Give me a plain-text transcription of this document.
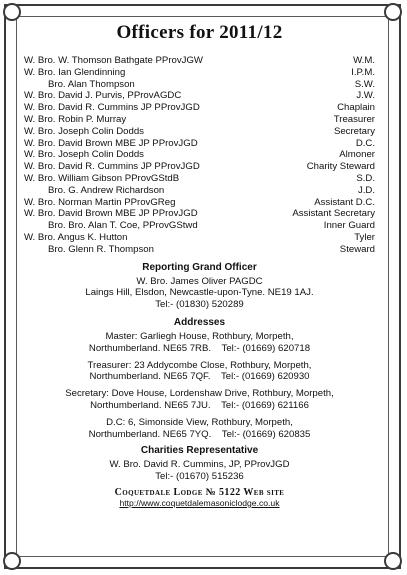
Officers for 2011/12
W. Bro. W. Thomson Bathgate PProvJGW	W.M.
W. Bro. Ian Glendinning	I.P.M.
Bro. Alan Thompson	S.W.
W. Bro. David J. Purvis, PProvAGDC	J.W.
W. Bro. David R. Cummins JP PProvJGD	Chaplain
W. Bro. Robin P. Murray	Treasurer
W. Bro. Joseph Colin Dodds	Secretary
W. Bro. David Brown MBE JP PProvJGD	D.C.
W. Bro. Joseph Colin Dodds	Almoner
W. Bro. David R. Cummins JP PProvJGD	Charity Steward
W. Bro. William Gibson PProvGStdB	S.D.
Bro. G. Andrew Richardson	J.D.
W. Bro. Norman Martin PProvGReg	Assistant D.C.
W. Bro. David Brown MBE JP PProvJGD	Assistant Secretary
Bro. Bro. Alan T. Coe, PProvGStwd	Inner Guard
W. Bro. Angus K. Hutton	Tyler
Bro. Glenn R. Thompson	Steward
Reporting Grand Officer
W. Bro. James Oliver PAGDC
Laings Hill, Elsdon, Newcastle-upon-Tyne. NE19 1AJ.
Tel:- (01830) 520289
Addresses
Master: Garliegh House, Rothbury, Morpeth,
Northumberland. NE65 7RB.    Tel:- (01669) 620718
Treasurer: 23 Addycombe Close, Rothbury, Morpeth,
Northumberland. NE65 7QF.    Tel:- (01669) 620930
Secretary: Dove House, Lordenshaw Drive, Rothbury, Morpeth,
Northumberland. NE65 7JU.    Tel:- (01669) 621166
D.C: 6, Simonside View, Rothbury, Morpeth,
Northumberland. NE65 7YQ.    Tel:- (01669) 620835
Charities Representative
W. Bro. David R. Cummins, JP, PProvJGD
Tel:- (01670) 515236
Coquetdale Lodge № 5122 Web site
http://www.coquetdalemasoniclodge.co.uk
